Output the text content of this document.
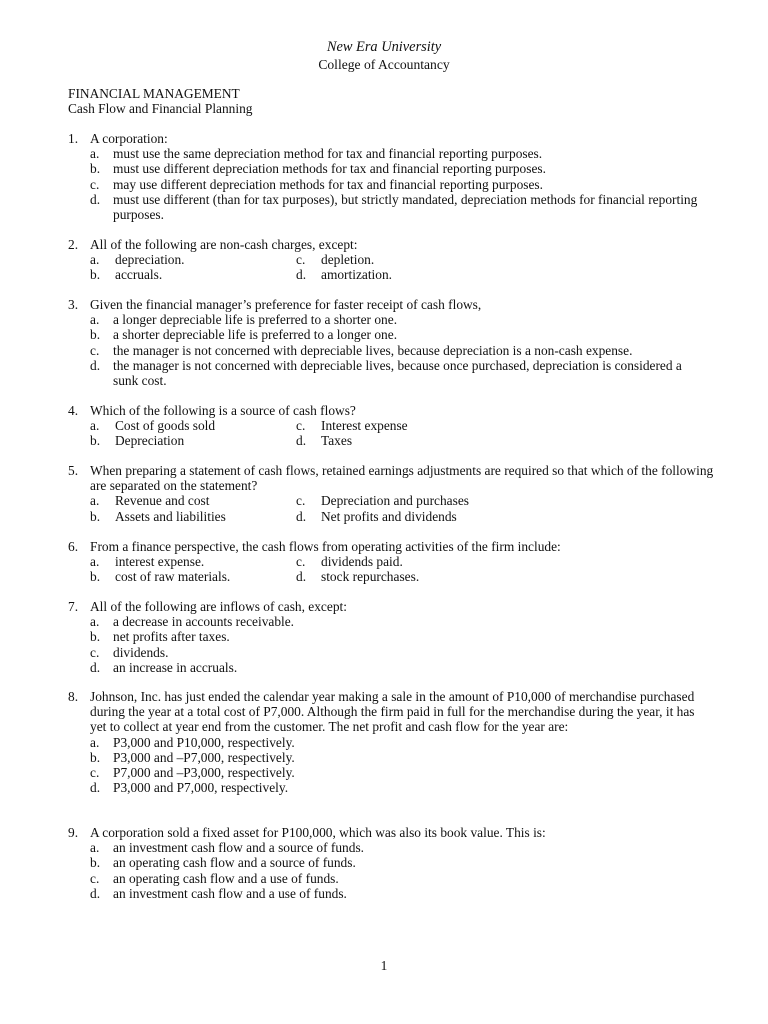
New Era University
College of Accountancy
FINANCIAL MANAGEMENT
Cash Flow and Financial Planning
1. A corporation:
a. must use the same depreciation method for tax and financial reporting purposes.
b. must use different depreciation methods for tax and financial reporting purposes.
c. may use different depreciation methods for tax and financial reporting purposes.
d. must use different (than for tax purposes), but strictly mandated, depreciation methods for financial reporting purposes.
2. All of the following are non-cash charges, except:
a. depreciation.	c. depletion.
b. accruals.	d. amortization.
3. Given the financial manager’s preference for faster receipt of cash flows,
a. a longer depreciable life is preferred to a shorter one.
b. a shorter depreciable life is preferred to a longer one.
c. the manager is not concerned with depreciable lives, because depreciation is a non-cash expense.
d. the manager is not concerned with depreciable lives, because once purchased, depreciation is considered a sunk cost.
4. Which of the following is a source of cash flows?
a. Cost of goods sold	c. Interest expense
b. Depreciation	d. Taxes
5. When preparing a statement of cash flows, retained earnings adjustments are required so that which of the following are separated on the statement?
a. Revenue and cost	c. Depreciation and purchases
b. Assets and liabilities	d. Net profits and dividends
6. From a finance perspective, the cash flows from operating activities of the firm include:
a. interest expense.	c. dividends paid.
b. cost of raw materials.	d. stock repurchases.
7. All of the following are inflows of cash, except:
a. a decrease in accounts receivable.
b. net profits after taxes.
c. dividends.
d. an increase in accruals.
8. Johnson, Inc. has just ended the calendar year making a sale in the amount of P10,000 of merchandise purchased during the year at a total cost of P7,000. Although the firm paid in full for the merchandise during the year, it has yet to collect at year end from the customer. The net profit and cash flow for the year are:
a. P3,000 and P10,000, respectively.
b. P3,000 and –P7,000, respectively.
c. P7,000 and –P3,000, respectively.
d. P3,000 and P7,000, respectively.
9. A corporation sold a fixed asset for P100,000, which was also its book value. This is:
a. an investment cash flow and a source of funds.
b. an operating cash flow and a source of funds.
c. an operating cash flow and a use of funds.
d. an investment cash flow and a use of funds.
1
